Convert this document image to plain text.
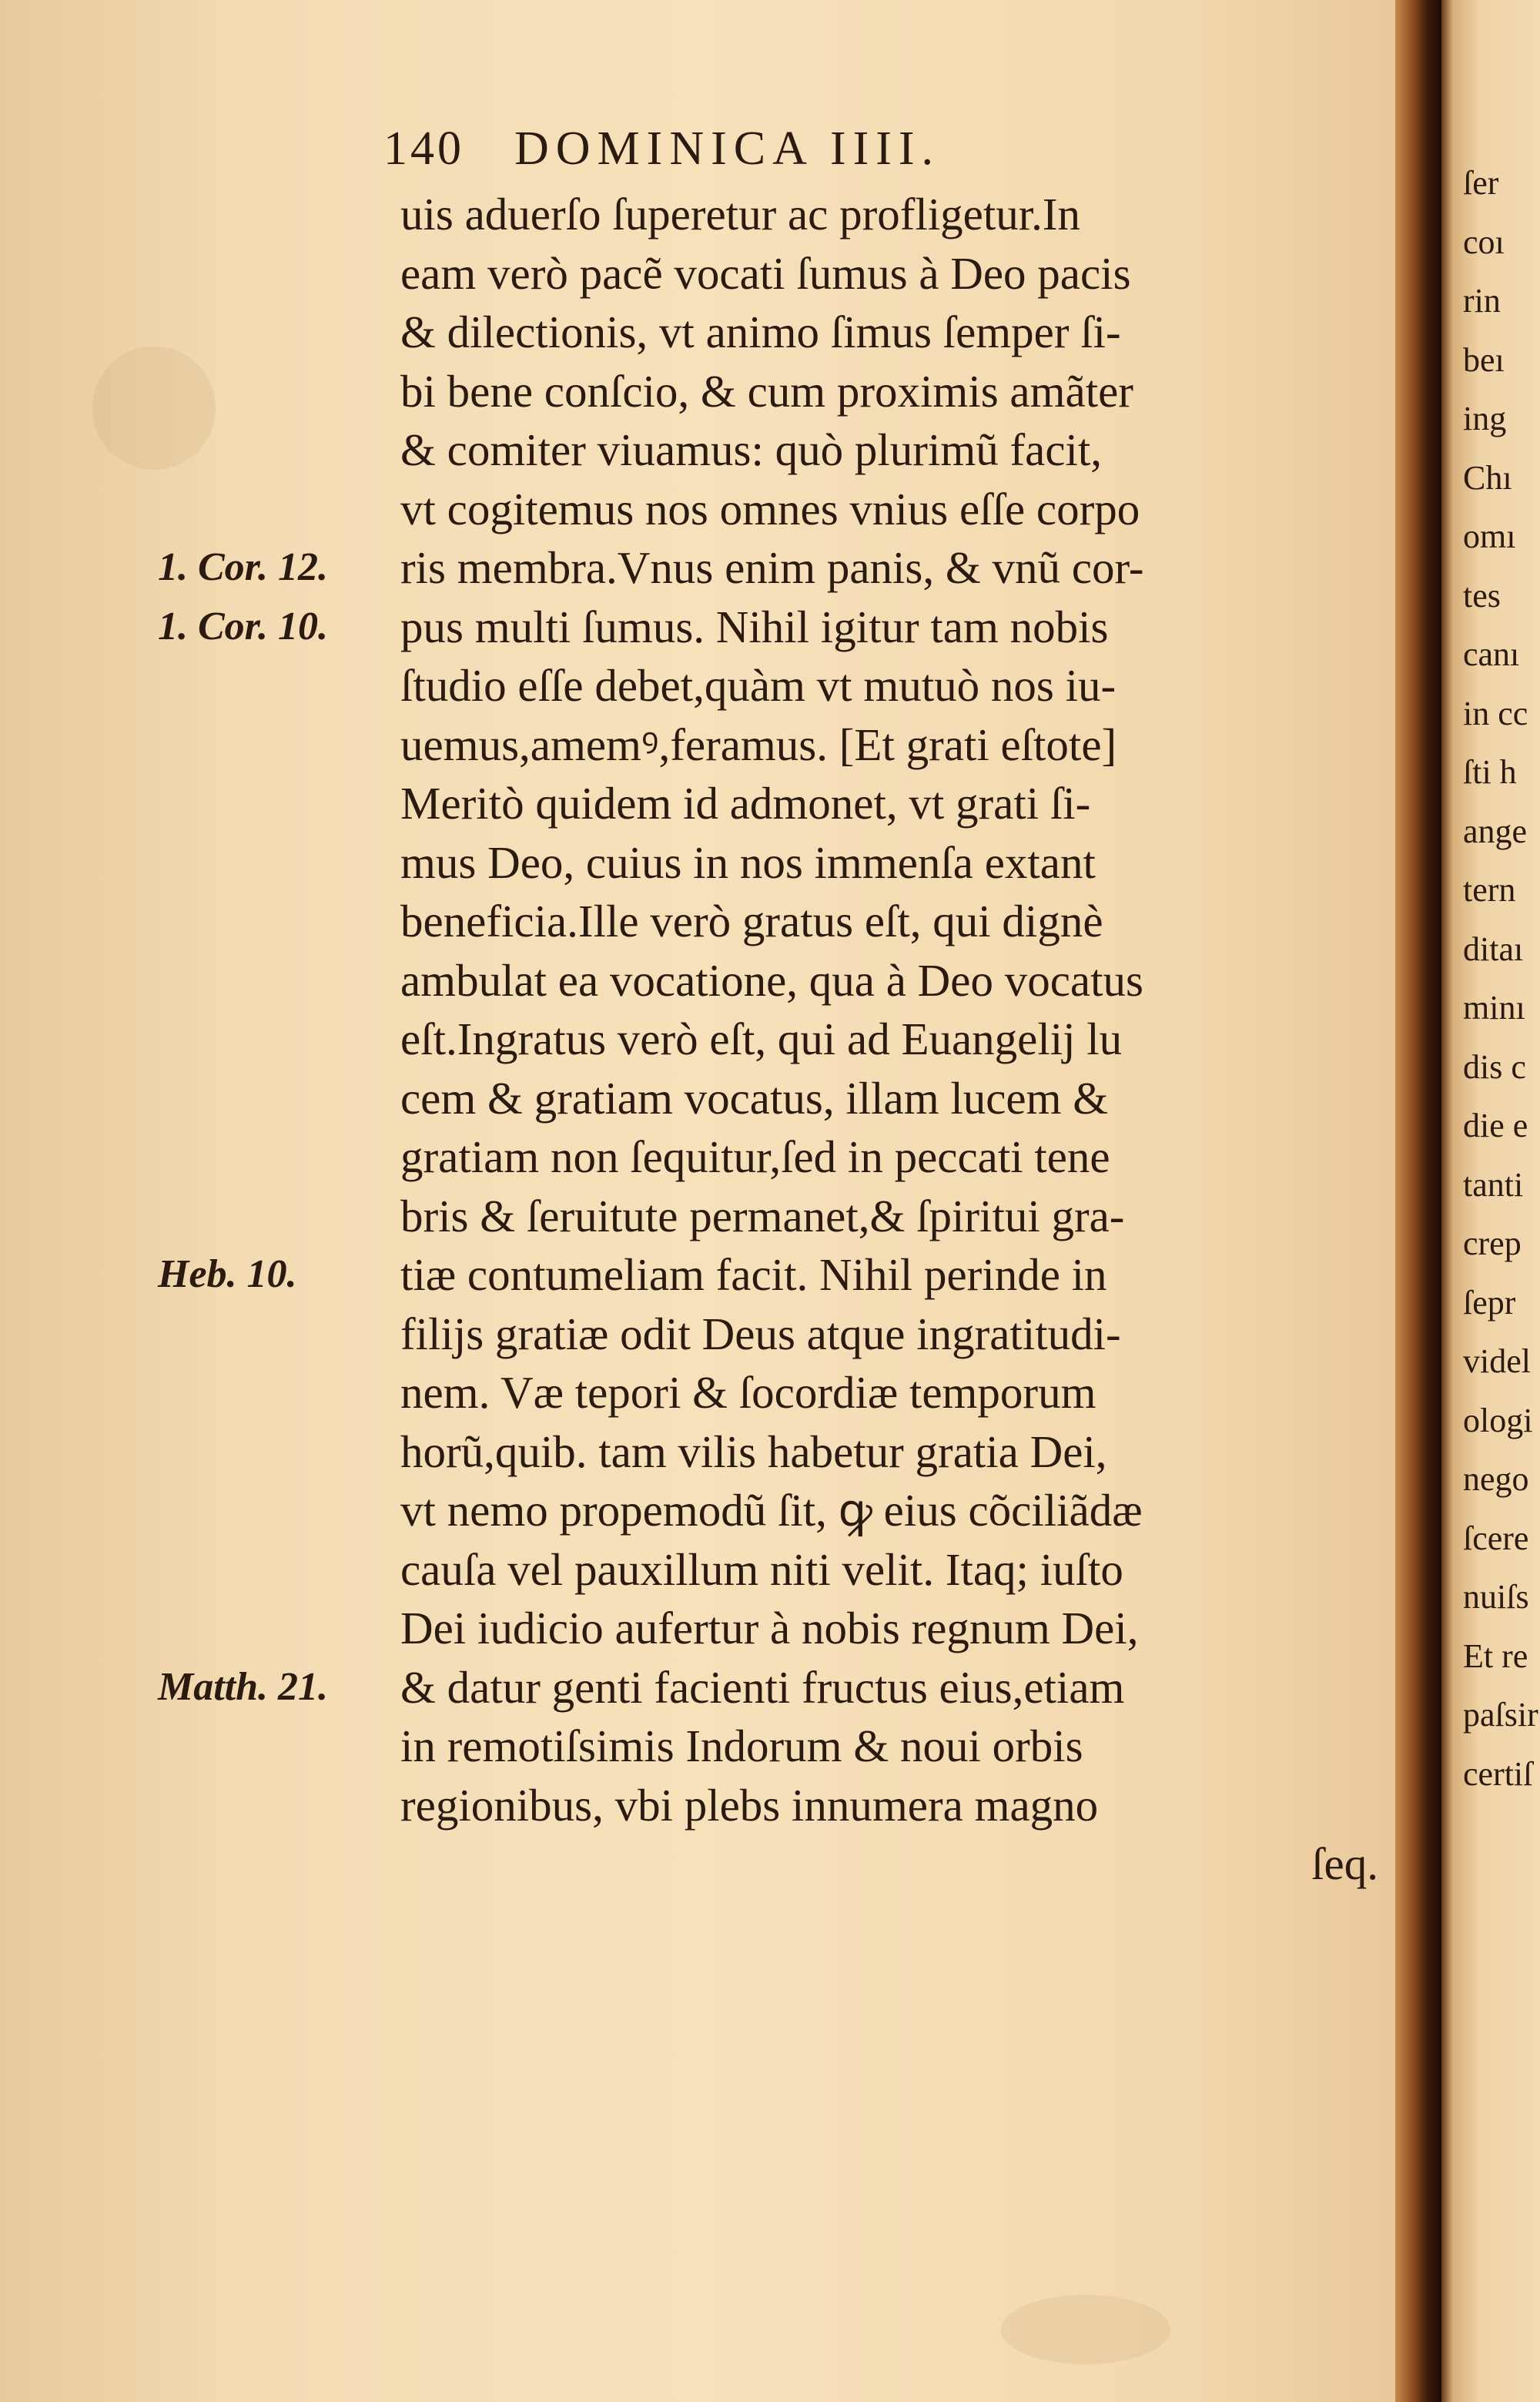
140 DOMINICA IIII.
uis aduerſo ſuperetur ac profligetur.In
eam verò pacẽ vocati ſumus à Deo pacis
& dilectionis, vt animo ſimus ſemper ſi-
bi bene conſcio, & cum proximis amãter
& comiter viuamus: quò plurimũ facit,
vt cogitemus nos omnes vnius eſſe corpo
ris membra.Vnus enim panis, & vnũ cor-
pus multi ſumus. Nihil igitur tam nobis
ſtudio eſſe debet,quàm vt mutuò nos iu-
uemus,amemꝰ,feramus. [Et grati eſtote]
Meritò quidem id admonet, vt grati ſi-
mus Deo, cuius in nos immenſa extant
beneficia.Ille verò gratus eſt, qui dignè
ambulat ea vocatione, qua à Deo vocatus
eſt.Ingratus verò eſt, qui ad Euangelij lu
cem & gratiam vocatus, illam lucem &
gratiam non ſequitur,ſed in peccati tene
bris & ſeruitute permanet,& ſpiritui gra-
tiæ contumeliam facit. Nihil perinde in
filijs gratiæ odit Deus atque ingratitudi-
nem. Væ tepori & ſocordiæ temporum
horũ,quib. tam vilis habetur gratia Dei,
vt nemo propemodũ ſit, ꝙ eius cõciliãdæ
cauſa vel pauxillum niti velit. Itaq; iuſto
Dei iudicio aufertur à nobis regnum Dei,
& datur genti facienti fructus eius,etiam
in remotiſsimis Indorum & noui orbis
regionibus, vbi plebs innumera magno
ſeq.
1. Cor. 12.
1. Cor. 10.
Heb. 10.
Matth. 21.
ſer
coı
rin
beı
ing
Chı
omı
tes
canı
in cc
ſti h
ange
tern
ditaı
minı
dis c
die e
tanti
crep
ſepr
videl
ologi
nego
ſcere
nuiſs
Et re
paſsir
certiſ
